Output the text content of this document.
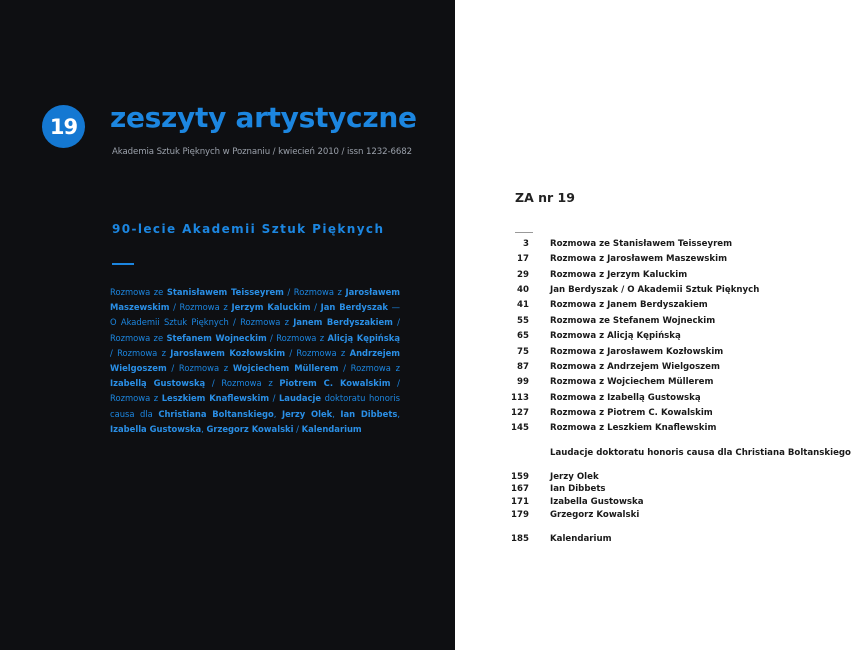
19 zeszyty artystyczne

Akademia Sztuk Pięknych w Poznaniu / kwiecień 2010 / issn 1232-6682

90-lecie Akademii Sztuk Pięknych

Rozmowa ze Stanisławem Teisseyrem / Rozmowa z Jarosławem Maszewskim / Rozmowa z Jerzym Kaluckim / Jan Berdyszak — O Akademii Sztuk Pięknych / Rozmowa z Janem Berdyszakiem / Rozmowa ze Stefanem Wojneckim / Rozmowa z Alicją Kępińską / Rozmowa z Jarosławem Kozłowskim / Rozmowa z Andrzejem Wielgoszem / Rozmowa z Wojciechem Müllerem / Rozmowa z Izabellą Gustowską / Rozmowa z Piotrem C. Kowalskim / Rozmowa z Leszkiem Knaflewskim / Laudacje doktoratu honoris causa dla Christiana Boltanskiego, Jerzy Olek, Ian Dibbets, Izabella Gustowska, Grzegorz Kowalski / Kalendarium

ZA nr 19
3 Rozmowa ze Stanisławem Teisseyrem
17 Rozmowa z Jarosławem Maszewskim
29 Rozmowa z Jerzym Kaluckim
40 Jan Berdyszak / O Akademii Sztuk Pięknych
41 Rozmowa z Janem Berdyszakiem
55 Rozmowa ze Stefanem Wojneckim
65 Rozmowa z Alicją Kępińską
75 Rozmowa z Jarosławem Kozłowskim
87 Rozmowa z Andrzejem Wielgoszem
99 Rozmowa z Wojciechem Müllerem
113 Rozmowa z Izabellą Gustowską
127 Rozmowa z Piotrem C. Kowalskim
145 Rozmowa z Leszkiem Knaflewskim
Laudacje doktoratu honoris causa dla Christiana Boltanskiego
159 Jerzy Olek
167 Ian Dibbets
171 Izabella Gustowska
179 Grzegorz Kowalski
185 Kalendarium
